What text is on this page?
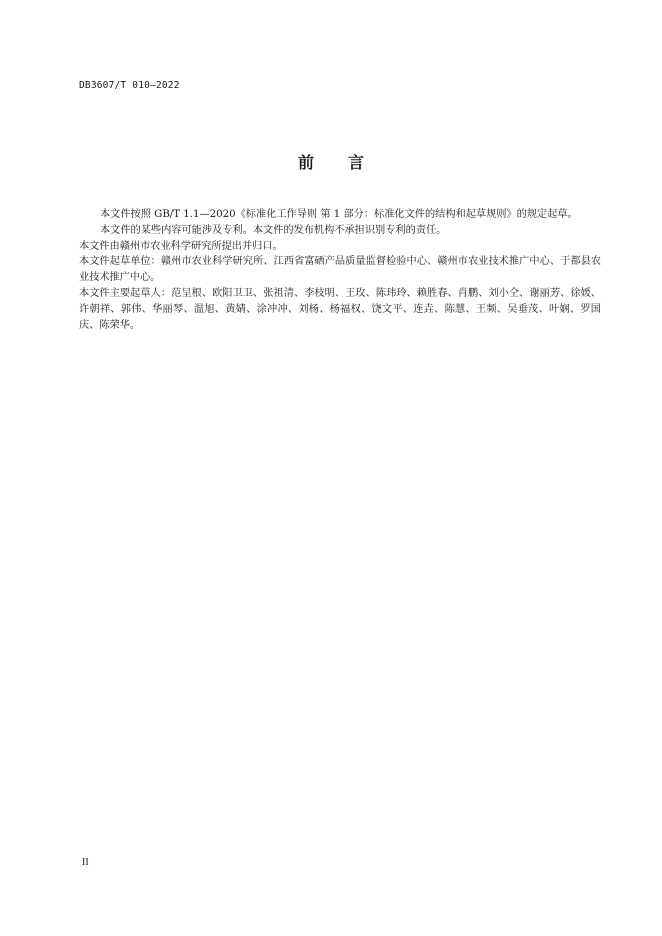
DB3607/T 010—2022
前 言

本文件按照 GB/T 1.1—2020《标准化工作导则 第 1 部分：标准化文件的结构和起草规则》的规定起草。

本文件的某些内容可能涉及专利。本文件的发布机构不承担识别专利的责任。

本文件由赣州市农业科学研究所提出并归口。

本文件起草单位：赣州市农业科学研究所、江西省富硒产品质量监督检验中心、赣州市农业技术推广中心、于都县农业技术推广中心。

本文件主要起草人：范呈根、欧阳卫卫、张祖清、李枝明、王玫、陈玮玲、赖胜春、肖鹏、刘小仝、谢丽芳、徐媛、许朝祥、郭伟、华丽琴、温旭、黄婧、涂冲冲、刘杨、杨福权、饶文平、连垚、陈慧、王频、吴垂茂、叶娴、罗国庆、陈荣华。

II
